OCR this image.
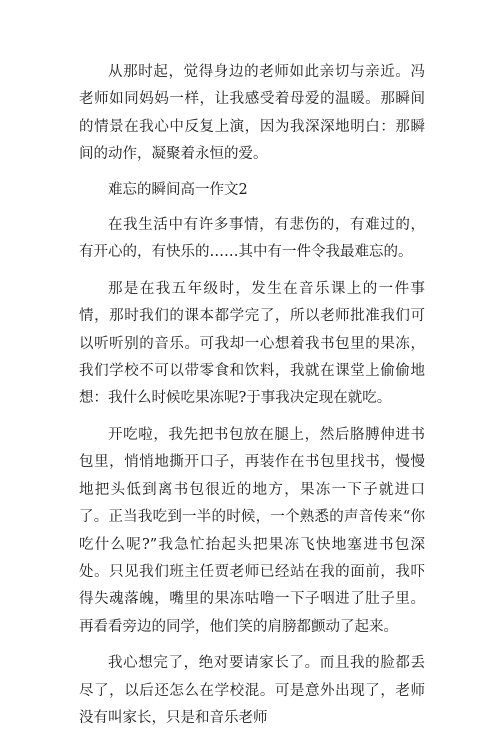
从那时起，觉得身边的老师如此亲切与亲近。冯老师如同妈妈一样，让我感受着母爱的温暖。那瞬间的情景在我心中反复上演，因为我深深地明白：那瞬间的动作，凝聚着永恒的爱。

难忘的瞬间高一作文2

在我生活中有许多事情，有悲伤的，有难过的，有开心的，有快乐的……其中有一件令我最难忘的。

那是在我五年级时，发生在音乐课上的一件事情，那时我们的课本都学完了，所以老师批准我们可以听听别的音乐。可我却一心想着我书包里的果冻，我们学校不可以带零食和饮料，我就在课堂上偷偷地想：我什么时候吃果冻呢?于事我决定现在就吃。

开吃啦，我先把书包放在腿上，然后胳膊伸进书包里，悄悄地撕开口子，再装作在书包里找书，慢慢地把头低到离书包很近的地方，果冻一下子就进口了。正当我吃到一半的时候，一个熟悉的声音传来“你吃什么呢?”我急忙抬起头把果冻飞快地塞进书包深处。只见我们班主任贾老师已经站在我的面前，我吓得失魂落魄，嘴里的果冻咕噜一下子咽进了肚子里。再看看旁边的同学，他们笑的肩膀都颤动了起来。

我心想完了，绝对要请家长了。而且我的脸都丢尽了，以后还怎么在学校混。可是意外出现了，老师没有叫家长，只是和音乐老师
